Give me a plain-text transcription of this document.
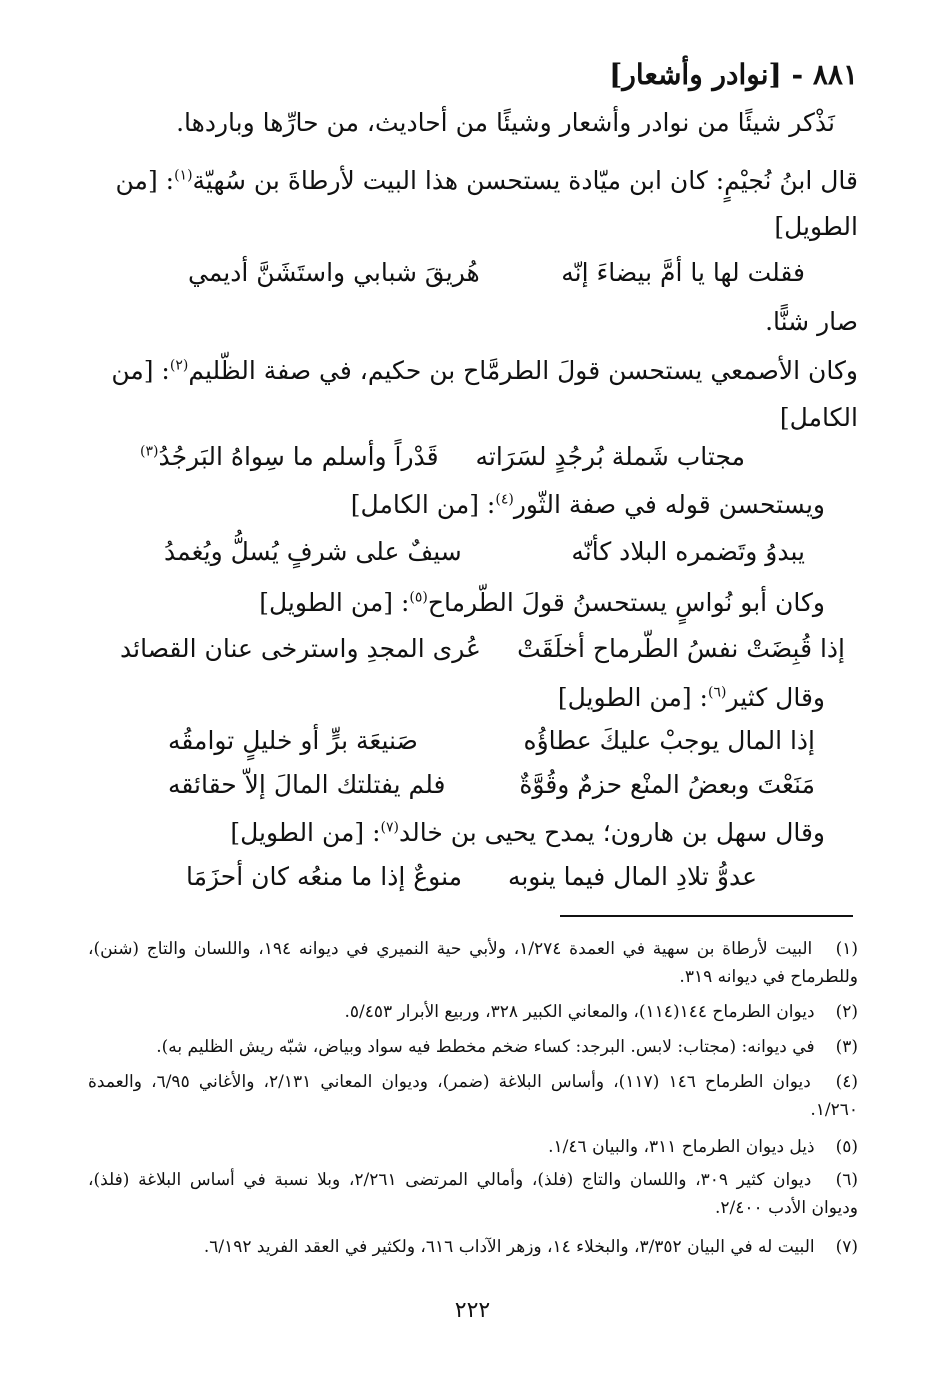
٨٨١ - [نوادر وأشعار]
نَذْكر شيئًا من نوادر وأشعار وشيئًا من أحاديث، من حارِّها وباردها.
قال ابنُ نُجيْمٍ: كان ابن ميّادة يستحسن هذا البيت لأرطاةَ بن سُهيّة$^{(١)}$: [من
الطويل]
فقلت لها يا أمَّ بيضاءَ إنّه
هُريقَ شبابي واستَشَنَّ أديمي
صار شنًّا.
وكان الأصمعي يستحسن قولَ الطرمَّاح بن حكيم، في صفة الظّليم$^{(٢)}$: [من
الكامل]
مجتاب شَملة بُرجُدٍ لسَرَاته
قَدْراً وأسلم ما سِواهُ البَرجُدُ$^{(٣)}$
ويستحسن قوله في صفة الثّور$^{(٤)}$: [من الكامل]
يبدوُ وتَضمره البلاد كأنّه
سيفٌ على شرفٍ يُسلُّ ويُغمدُ
وكان أبو نُواسٍ يستحسنُ قولَ الطّرماح$^{(٥)}$: [من الطويل]
إذا قُبِضَتْ نفسُ الطّرماح أخلَقَتْ
عُرى المجدِ واسترخى عنان القصائد
وقال كثير$^{(٦)}$: [من الطويل]
إذا المال يوجبْ عليكَ عطاؤُه
صَنيعَة برٍّ أو خليلٍ توامقُه
مَنَعْتَ وبعضُ المنْع حزمٌ وقُوَّةٌ
فلم يفتلتك المالَ إلاّ حقائقه
وقال سهل بن هارون؛ يمدح يحيى بن خالد$^{(٧)}$: [من الطويل]
عدوُّ تلادِ المال فيما ينوبه
منوعٌ إذا ما منعُه كان أحزَمَا
(١) البيت لأرطاة بن سهية في العمدة ١/٢٧٤، ولأبي حية النميري في ديوانه ١٩٤، واللسان والتاج (شنن)، وللطرماح في ديوانه ٣١٩.
(٢) ديوان الطرماح ١٤٤(١١٤)، والمعاني الكبير ٣٢٨، وربيع الأبرار ٥/٤٥٣.
(٣) في ديوانه: (مجتاب: لابس. البرجد: كساء ضخم مخطط فيه سواد وبياض، شبّه ريش الظليم به).
(٤) ديوان الطرماح ١٤٦ (١١٧)، وأساس البلاغة (ضمر)، وديوان المعاني ٢/١٣١، والأغاني ٦/٩٥، والعمدة ١/٢٦٠.
(٥) ذيل ديوان الطرماح ٣١١، والبيان ١/٤٦.
(٦) ديوان كثير ٣٠٩، واللسان والتاج (فلذ)، وأمالي المرتضى ٢/٢٦١، وبلا نسبة في أساس البلاغة (فلذ)، وديوان الأدب ٢/٤٠٠.
(٧) البيت له في البيان ٣/٣٥٢، والبخلاء ١٤، وزهر الآداب ٦١٦، ولكثير في العقد الفريد ٦/١٩٢.
٢٢٢
